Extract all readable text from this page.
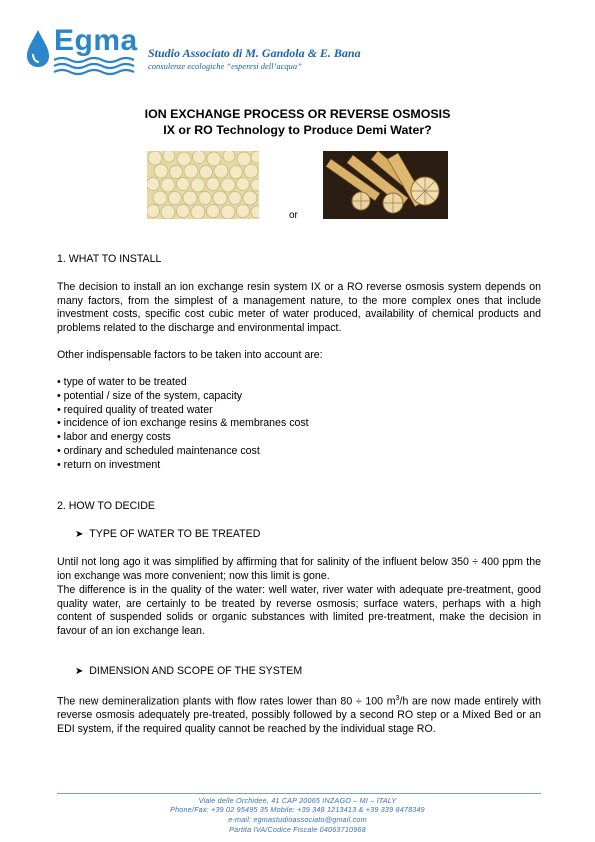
Egma Studio Associato di M. Gandola & E. Bana
consulenze ecologiche “esperesi dell’acqua”
ION EXCHANGE PROCESS OR REVERSE OSMOSIS
IX or RO Technology to Produce Demi Water?
or
1. WHAT TO INSTALL
The decision to install an ion exchange resin system IX or a RO reverse osmosis system depends on many factors, from the simplest of a management nature, to the more complex ones that include investment costs, specific cost cubic meter of water produced, availability of chemical products and problems related to the discharge and environmental impact.
Other indispensable factors to be taken into account are:
• type of water to be treated
• potential / size of the system, capacity
• required quality of treated water
• incidence of ion exchange resins & membranes cost
• labor and energy costs
• ordinary and scheduled maintenance cost
• return on investment
2. HOW TO DECIDE
➤ TYPE OF WATER TO BE TREATED
Until not long ago it was simplified by affirming that for salinity of the influent below 350 ÷ 400 ppm the ion exchange was more convenient; now this limit is gone.
The difference is in the quality of the water: well water, river water with adequate pre-treatment, good quality water, are certainly to be treated by reverse osmosis; surface waters, perhaps with a high content of suspended solids or organic substances with limited pre-treatment, make the decision in favour of an ion exchange lean.
➤ DIMENSION AND SCOPE OF THE SYSTEM
The new demineralization plants with flow rates lower than 80 ÷ 100 $m^3/h$ are now made entirely with reverse osmosis adequately pre-treated, possibly followed by a second RO step or a Mixed Bed or an EDI system, if the required quality cannot be reached by the individual stage RO.
Viale delle Orchidee, 41 CAP 20065 INZAGO – MI – ITALY
Phone/Fax: +39 02 95495 35 Mobile: +39 348 1213413 & +39 339 8478349
e-mail: egmastudioassociato@gmail.com
Partita IVA/Codice Fiscale 04063710968
